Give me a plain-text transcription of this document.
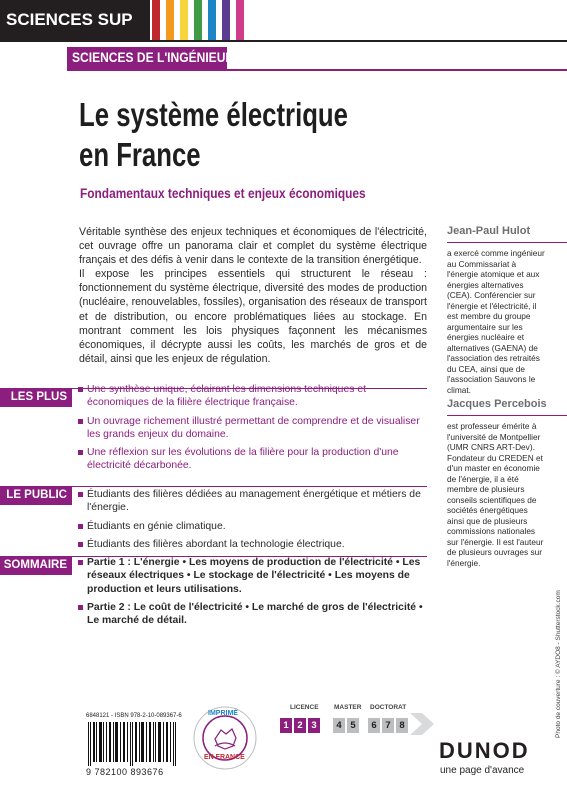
SCIENCES SUP
SCIENCES DE L'INGÉNIEUR
Le système électrique
en France
Fondamentaux techniques et enjeux économiques

Véritable synthèse des enjeux techniques et économiques de l'électricité, cet ouvrage offre un panorama clair et complet du système électrique français et des défis à venir dans le contexte de la transition énergétique.

Il expose les principes essentiels qui structurent le réseau : fonctionnement du système électrique, diversité des modes de production (nucléaire, renouvelables, fossiles), organisation des réseaux de transport et de distribution, ou encore problématiques liées au stockage. En montrant comment les lois physiques façonnent les mécanismes économiques, il décrypte aussi les coûts, les marchés de gros et de détail, ainsi que les enjeux de régulation.

Jean-Paul Hulot
a exercé comme ingénieur au Commissariat à l'énergie atomique et aux énergies alternatives (CEA). Conférencier sur l'énergie et l'électricité, il est membre du groupe argumentaire sur les énergies nucléaire et alternatives (GAENA) de l'association des retraités du CEA, ainsi que de l'association Sauvons le climat.
Jacques Percebois
est professeur émérite à l'université de Montpellier (UMR CNRS ART-Dev). Fondateur du CREDEN et d'un master en économie de l'énergie, il a été membre de plusieurs conseils scientifiques de sociétés énergétiques ainsi que de plusieurs commissions nationales sur l'énergie. Il est l'auteur de plusieurs ouvrages sur l'énergie.
LES PLUS
Une synthèse unique, éclairant les dimensions techniques et économiques de la filière électrique française.
Un ouvrage richement illustré permettant de comprendre et de visualiser les grands enjeux du domaine.
Une réflexion sur les évolutions de la filière pour la production d'une électricité décarbonée.
LE PUBLIC	Étudiants des filières dédiées au management énergétique et métiers de l'énergie.
Étudiants en génie climatique.
Étudiants des filières abordant la technologie électrique.
SOMMAIRE	Partie 1 : L'énergie • Les moyens de production de l'électricité • Les réseaux électriques • Le stockage de l'électricité • Les moyens de production et leurs utilisations.
Partie 2 : Le coût de l'électricité • Le marché de gros de l'électricité • Le marché de détail.
6848121 - ISBN 978-2-10-089367-6
9 782100 893676
IMPRIMÉ
EN FRANCE
LICENCE
1 2 3
MASTER
4 5
DOCTORAT
6 7 8	Photo de couverture : © AYDO8 - Shutterstock.com
DUNOD
une page d'avance
